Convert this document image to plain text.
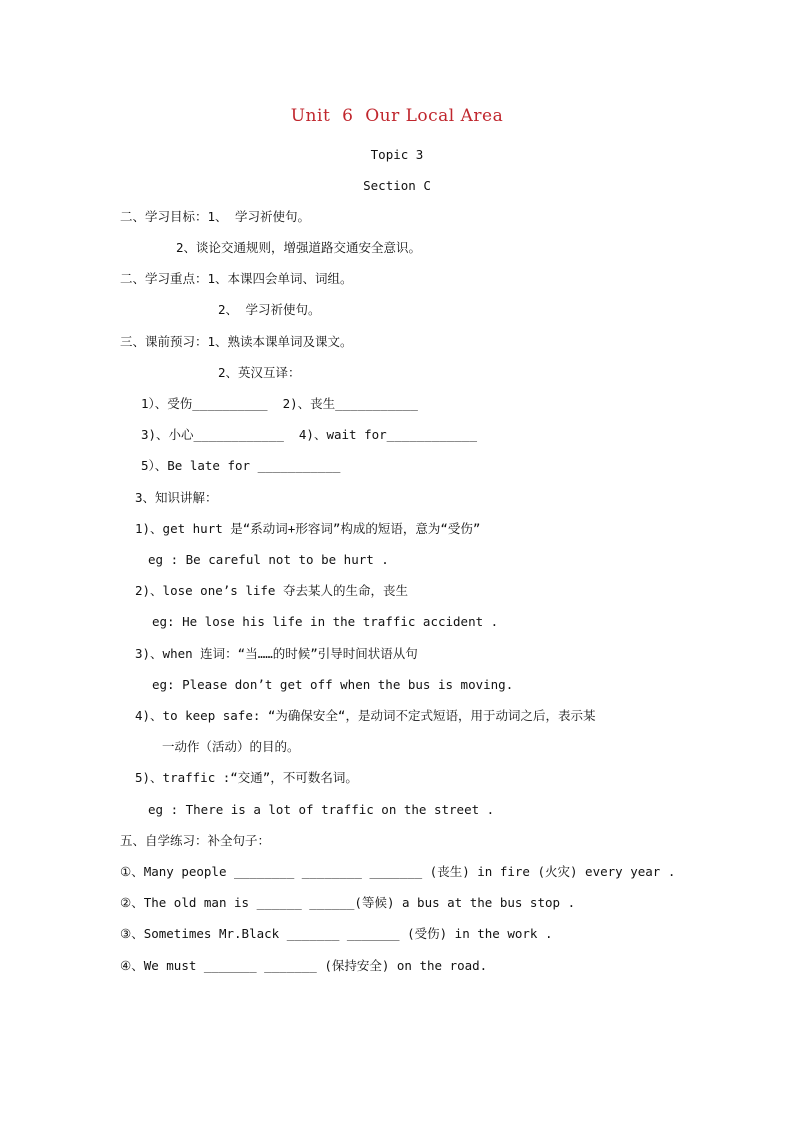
Unit  6  Our Local Area
Topic 3
Section C
二、学习目标：1、 学习祈使句。
2、谈论交通规则，增强道路交通安全意识。
二、学习重点：1、本课四会单词、词组。
2、 学习祈使句。
三、课前预习：1、熟读本课单词及课文。
2、英汉互译：
1）、受伤__________  2)、丧生___________
3)、小心____________  4)、wait for____________
5）、Be late for ___________
3、知识讲解：
1)、get hurt 是“系动词+形容词”构成的短语，意为“受伤”
eg : Be careful not to be hurt .
2)、lose one’s life 夺去某人的生命，丧生
eg: He lose his life in the traffic accident .
3)、when 连词：“当……的时候”引导时间状语从句
eg: Please don’t get off when the bus is moving.
4)、to keep safe: “为确保安全“，是动词不定式短语，用于动词之后，表示某
一动作（活动）的目的。
5)、traffic :“交通”，不可数名词。
eg : There is a lot of traffic on the street .
五、自学练习：补全句子：
①、Many people ________ ________ _______ (丧生) in fire (火灾) every year .
②、The old man is ______ ______(等候) a bus at the bus stop .
③、Sometimes Mr.Black _______ _______ (受伤) in the work .
④、We must _______ _______ (保持安全) on the road.
